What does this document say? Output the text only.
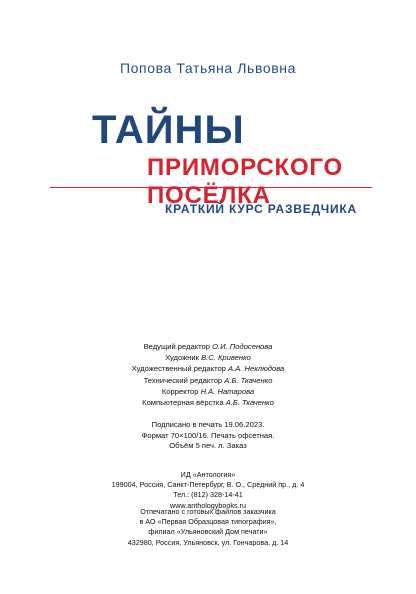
Попова Татьяна Львовна
ТАЙНЫ
ПРИМОРСКОГО ПОСЁЛКА
КРАТКИЙ КУРС РАЗВЕДЧИКА
Ведущий редактор О.И. Подосенова
Художник В.С. Кривенко
Художественный редактор А.А. Неклюдова
Технический редактор А.Б. Ткаченко
Корректор Н.А. Натарова
Компьютерная вёрстка А.Б. Ткаченко
Подписано в печать 19.06.2023.
Формат 70×100/16. Печать офсетная.
Объём 5 печ. л. Заказ
ИД «Антология»
199004, Россия, Санкт-Петербург, В. О., Средний пр., д. 4
Тел.: (812) 328-14-41
www.anthologybooks.ru
Отпечатано с готовых файлов заказчика
в АО «Первая Образцовая типография»,
филиал «Ульяновский Дом печати»
432980, Россия, Ульяновск, ул. Гончарова, д. 14
